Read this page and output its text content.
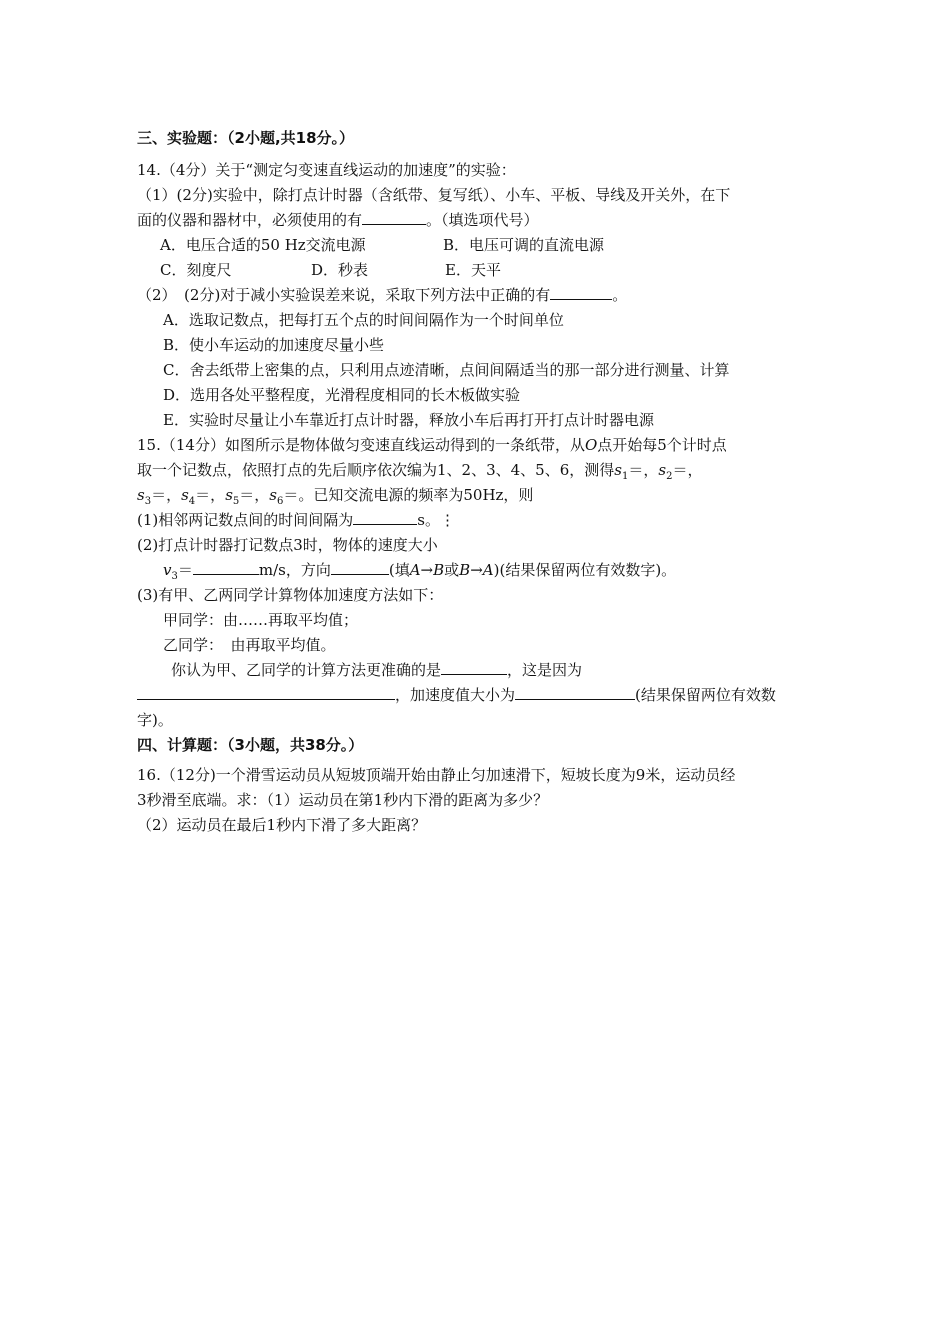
三、实验题：（2小题,共18分。）
14.（4分）关于“测定匀变速直线运动的加速度”的实验：
（1）(2分)实验中，除打点计时器（含纸带、复写纸）、小车、平板、导线及开关外，在下
面的仪器和器材中，必须使用的有	。（填选项代号）
A．电压合适的50 Hz交流电源	B．电压可调的直流电源
C．刻度尺	D．秒表	E．天平
（2）　(2分)对于减小实验误差来说，采取下列方法中正确的有	。
A．选取记数点，把每打五个点的时间间隔作为一个时间单位
B．使小车运动的加速度尽量小些
C．舍去纸带上密集的点，只利用点迹清晰，点间间隔适当的那一部分进行测量、计算
D．选用各处平整程度，光滑程度相同的长木板做实验
E．实验时尽量让小车靠近打点计时器，释放小车后再打开打点计时器电源
15.（14分）如图所示是物体做匀变速直线运动得到的一条纸带，从O点开始每5个计时点
取一个记数点，依照打点的先后顺序依次编为1、2、3、4、5、6，测得$s_1=$，$s_2=$，
$s_3=$，$s_4=$，$s_5=$，$s_6=$。已知交流电源的频率为50Hz，则
(1)相邻两记数点间的时间间隔为	s。⋮
(2)打点计时器打记数点3时，物体的速度大小
$v_3=$	m/s，方向	(填A→B或B→A)(结果保留两位有效数字)。
(3)有甲、乙两同学计算物体加速度方法如下：
甲同学：由……再取平均值；
乙同学：　由再取平均值。
你认为甲、乙同学的计算方法更准确的是	，这是因为
，加速度值大小为	(结果保留两位有效数
字)。
四、计算题：（3小题，共38分。）
16.（12分)一个滑雪运动员从短坡顶端开始由静止匀加速滑下，短坡长度为9米，运动员经
3秒滑至底端。求：（1）运动员在第1秒内下滑的距离为多少？
（2）运动员在最后1秒内下滑了多大距离？
